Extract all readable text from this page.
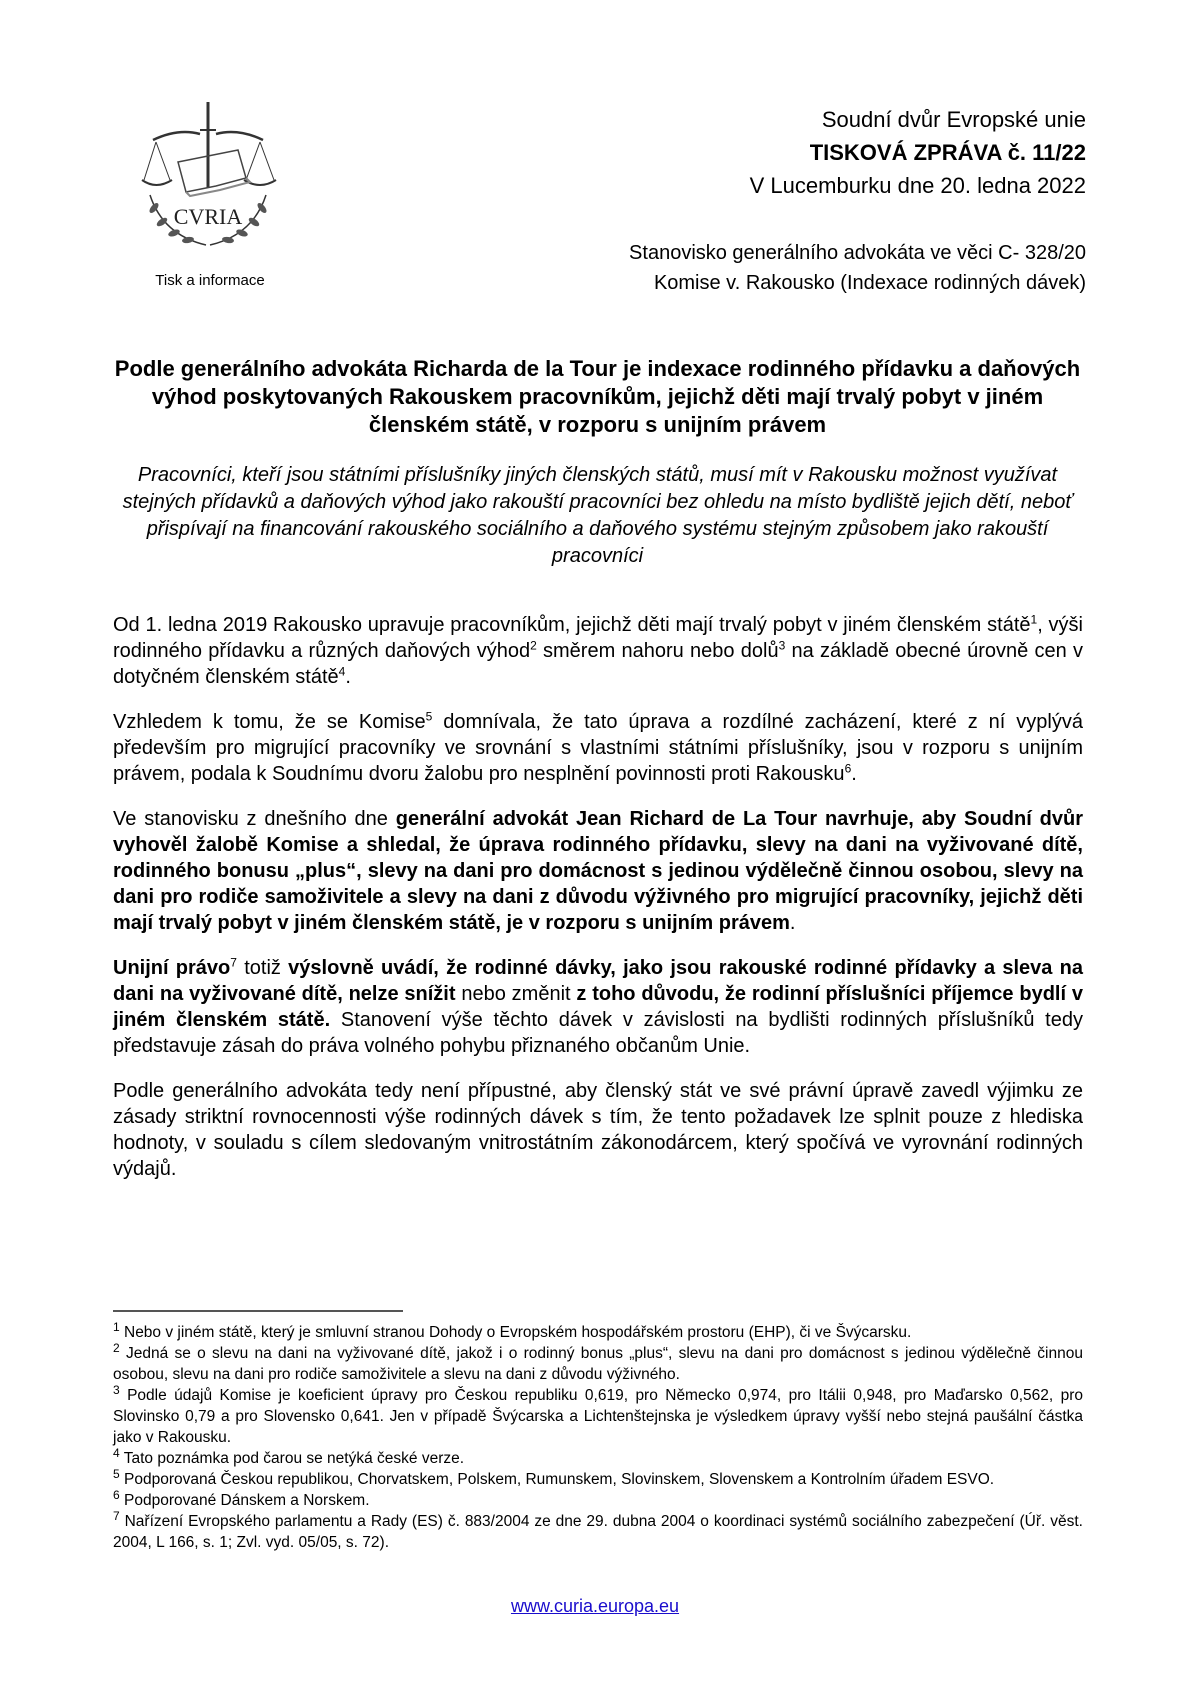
CVRIA
Tisk a informace
Soudní dvůr Evropské unie
TISKOVÁ ZPRÁVA č. 11/22
V Lucemburku dne 20. ledna 2022
Stanovisko generálního advokáta ve věci C- 328/20
Komise v. Rakousko (Indexace rodinných dávek)
Podle generálního advokáta Richarda de la Tour je indexace rodinného přídavku a daňových výhod poskytovaných Rakouskem pracovníkům, jejichž děti mají trvalý pobyt v jiném členském státě, v rozporu s unijním právem
Pracovníci, kteří jsou státními příslušníky jiných členských států, musí mít v Rakousku možnost využívat stejných přídavků a daňových výhod jako rakouští pracovníci bez ohledu na místo bydliště jejich dětí, neboť přispívají na financování rakouského sociálního a daňového systému stejným způsobem jako rakouští pracovníci

Od 1. ledna 2019 Rakousko upravuje pracovníkům, jejichž děti mají trvalý pobyt v jiném členském státě$^1$, výši rodinného přídavku a různých daňových výhod$^2$ směrem nahoru nebo dolů$^3$ na základě obecné úrovně cen v dotyčném členském státě$^4$.

Vzhledem k tomu, že se Komise$^5$ domnívala, že tato úprava a rozdílné zacházení, které z ní vyplývá především pro migrující pracovníky ve srovnání s vlastními státními příslušníky, jsou v rozporu s unijním právem, podala k Soudnímu dvoru žalobu pro nesplnění povinnosti proti Rakousku$^6$.

Ve stanovisku z dnešního dne generální advokát Jean Richard de La Tour navrhuje, aby Soudní dvůr vyhověl žalobě Komise a shledal, že úprava rodinného přídavku, slevy na dani na vyživované dítě, rodinného bonusu „plus“, slevy na dani pro domácnost s jedinou výdělečně činnou osobou, slevy na dani pro rodiče samoživitele a slevy na dani z důvodu výživného pro migrující pracovníky, jejichž děti mají trvalý pobyt v jiném členském státě, je v rozporu s unijním právem.

Unijní právo$^7$ totiž výslovně uvádí, že rodinné dávky, jako jsou rakouské rodinné přídavky a sleva na dani na vyživované dítě, nelze snížit nebo změnit z toho důvodu, že rodinní příslušníci příjemce bydlí v jiném členském státě. Stanovení výše těchto dávek v závislosti na bydlišti rodinných příslušníků tedy představuje zásah do práva volného pohybu přiznaného občanům Unie.

Podle generálního advokáta tedy není přípustné, aby členský stát ve své právní úpravě zavedl výjimku ze zásady striktní rovnocennosti výše rodinných dávek s tím, že tento požadavek lze splnit pouze z hlediska hodnoty, v souladu s cílem sledovaným vnitrostátním zákonodárcem, který spočívá ve vyrovnání rodinných výdajů.

$^1$ Nebo v jiném státě, který je smluvní stranou Dohody o Evropském hospodářském prostoru (EHP), či ve Švýcarsku.

$^2$ Jedná se o slevu na dani na vyživované dítě, jakož i o rodinný bonus „plus“, slevu na dani pro domácnost s jedinou výdělečně činnou osobou, slevu na dani pro rodiče samoživitele a slevu na dani z důvodu výživného.

$^3$ Podle údajů Komise je koeficient úpravy pro Českou republiku 0,619, pro Německo 0,974, pro Itálii 0,948, pro Maďarsko 0,562, pro Slovinsko 0,79 a pro Slovensko 0,641. Jen v případě Švýcarska a Lichtenštejnska je výsledkem úpravy vyšší nebo stejná paušální částka jako v Rakousku.

$^4$ Tato poznámka pod čarou se netýká české verze.

$^5$ Podporovaná Českou republikou, Chorvatskem, Polskem, Rumunskem, Slovinskem, Slovenskem a Kontrolním úřadem ESVO.

$^6$ Podporované Dánskem a Norskem.

$^7$ Nařízení Evropského parlamentu a Rady (ES) č. 883/2004 ze dne 29. dubna 2004 o koordinaci systémů sociálního zabezpečení (Úř. věst. 2004, L 166, s. 1; Zvl. vyd. 05/05, s. 72).

www.curia.europa.eu
